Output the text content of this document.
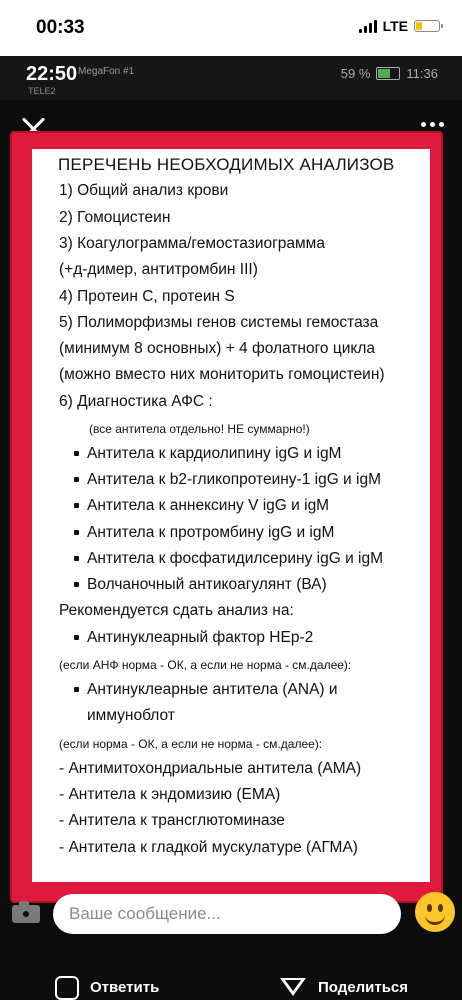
00:33	LTE
22:50 MegaFon #1
TELE2
59 %	11:36
ПЕРЕЧЕНЬ НЕОБХОДИМЫХ АНАЛИЗОВ
1) Общий анализ крови
2) Гомоцистеин
3) Коагулограмма/гемостазиограмма
(+д-димер, антитромбин III)
4) Протеин С, протеин S
5) Полиморфизмы генов системы гемостаза
(минимум 8 основных) + 4 фолатного цикла
(можно вместо них мониторить гомоцистеин)
6) Диагностика АФС :
(все антитела отдельно! НЕ суммарно!)
Антитела к кардиолипину igG и igM
Антитела к b2-гликопротеину-1 igG и igM
Антитела к аннексину V igG и igM
Антитела к протромбину igG и igM
Антитела к фосфатидилсерину igG и igM
Волчаночный антикоагулянт (ВА)
Рекомендуется сдать анализ на:
Антинуклеарный фактор НЕр-2
(если АНФ норма - ОК, а если не норма - см.далее):
Антинуклеарные антитела (ANA) и
иммуноблот
(если норма - ОК, а если не норма - см.далее):
- Антимитохондриальные антитела (АМА)
- Антитела к эндомизию (ЕМА)
- Антитела к трансглютоминазе
- Антитела к гладкой мускулатуре (АГМА)
Ваше сообщение...
Ответить	Поделиться
